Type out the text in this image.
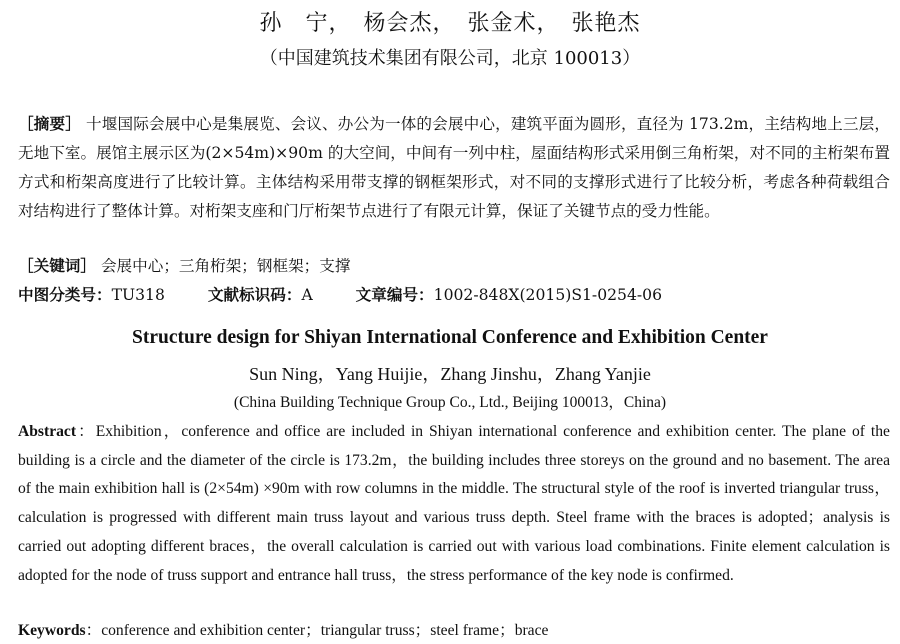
孙　宁，　杨会杰，　张金术，　张艳杰
（中国建筑技术集团有限公司，北京 100013）
［摘要］ 十堰国际会展中心是集展览、会议、办公为一体的会展中心，建筑平面为圆形，直径为 173.2m，主结构地上三层，无地下室。展馆主展示区为(2×54m)×90m 的大空间，中间有一列中柱，屋面结构形式采用倒三角桁架，对不同的主桁架布置方式和桁架高度进行了比较计算。主体结构采用带支撑的钢框架形式，对不同的支撑形式进行了比较分析，考虑各种荷载组合对结构进行了整体计算。对桁架支座和门厅桁架节点进行了有限元计算，保证了关键节点的受力性能。
［关键词］ 会展中心；三角桁架；钢框架；支撑
中图分类号：TU318	文献标识码：A	文章编号：1002-848X(2015)S1-0254-06
Structure design for Shiyan International Conference and Exhibition Center
Sun Ning，Yang Huijie，Zhang Jinshu，Zhang Yanjie
(China Building Technique Group Co., Ltd., Beijing 100013，China)
Abstract：Exhibition，conference and office are included in Shiyan international conference and exhibition center. The plane of the building is a circle and the diameter of the circle is 173.2m，the building includes three storeys on the ground and no basement. The area of the main exhibition hall is (2×54m) ×90m with row columns in the middle. The structural style of the roof is inverted triangular truss，calculation is progressed with different main truss layout and various truss depth. Steel frame with the braces is adopted；analysis is carried out adopting different braces，the overall calculation is carried out with various load combinations. Finite element calculation is adopted for the node of truss support and entrance hall truss，the stress performance of the key node is confirmed.
Keywords：conference and exhibition center；triangular truss；steel frame；brace
